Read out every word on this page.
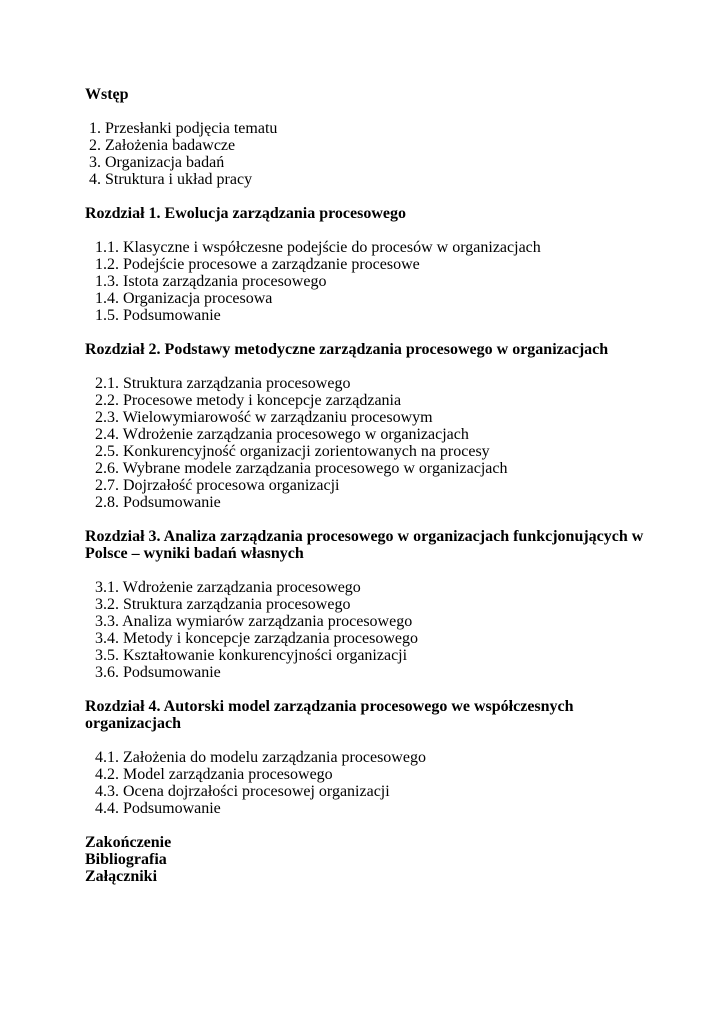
Wstęp
1. Przesłanki podjęcia tematu
2. Założenia badawcze
3. Organizacja badań
4. Struktura i układ pracy
Rozdział 1. Ewolucja zarządzania procesowego
1.1. Klasyczne i współczesne podejście do procesów w organizacjach
1.2. Podejście procesowe a zarządzanie procesowe
1.3. Istota zarządzania procesowego
1.4. Organizacja procesowa
1.5. Podsumowanie
Rozdział 2. Podstawy metodyczne zarządzania procesowego w organizacjach
2.1. Struktura zarządzania procesowego
2.2. Procesowe metody i koncepcje zarządzania
2.3. Wielowymiarowość w zarządzaniu procesowym
2.4. Wdrożenie zarządzania procesowego w organizacjach
2.5. Konkurencyjność organizacji zorientowanych na procesy
2.6. Wybrane modele zarządzania procesowego w organizacjach
2.7. Dojrzałość procesowa organizacji
2.8. Podsumowanie
Rozdział 3. Analiza zarządzania procesowego w organizacjach funkcjonujących w Polsce – wyniki badań własnych
3.1. Wdrożenie zarządzania procesowego
3.2. Struktura zarządzania procesowego
3.3. Analiza wymiarów zarządzania procesowego
3.4. Metody i koncepcje zarządzania procesowego
3.5. Kształtowanie konkurencyjności organizacji
3.6. Podsumowanie
Rozdział 4. Autorski model zarządzania procesowego we współczesnych organizacjach
4.1. Założenia do modelu zarządzania procesowego
4.2. Model zarządzania procesowego
4.3. Ocena dojrzałości procesowej organizacji
4.4. Podsumowanie
Zakończenie
Bibliografia
Załączniki
